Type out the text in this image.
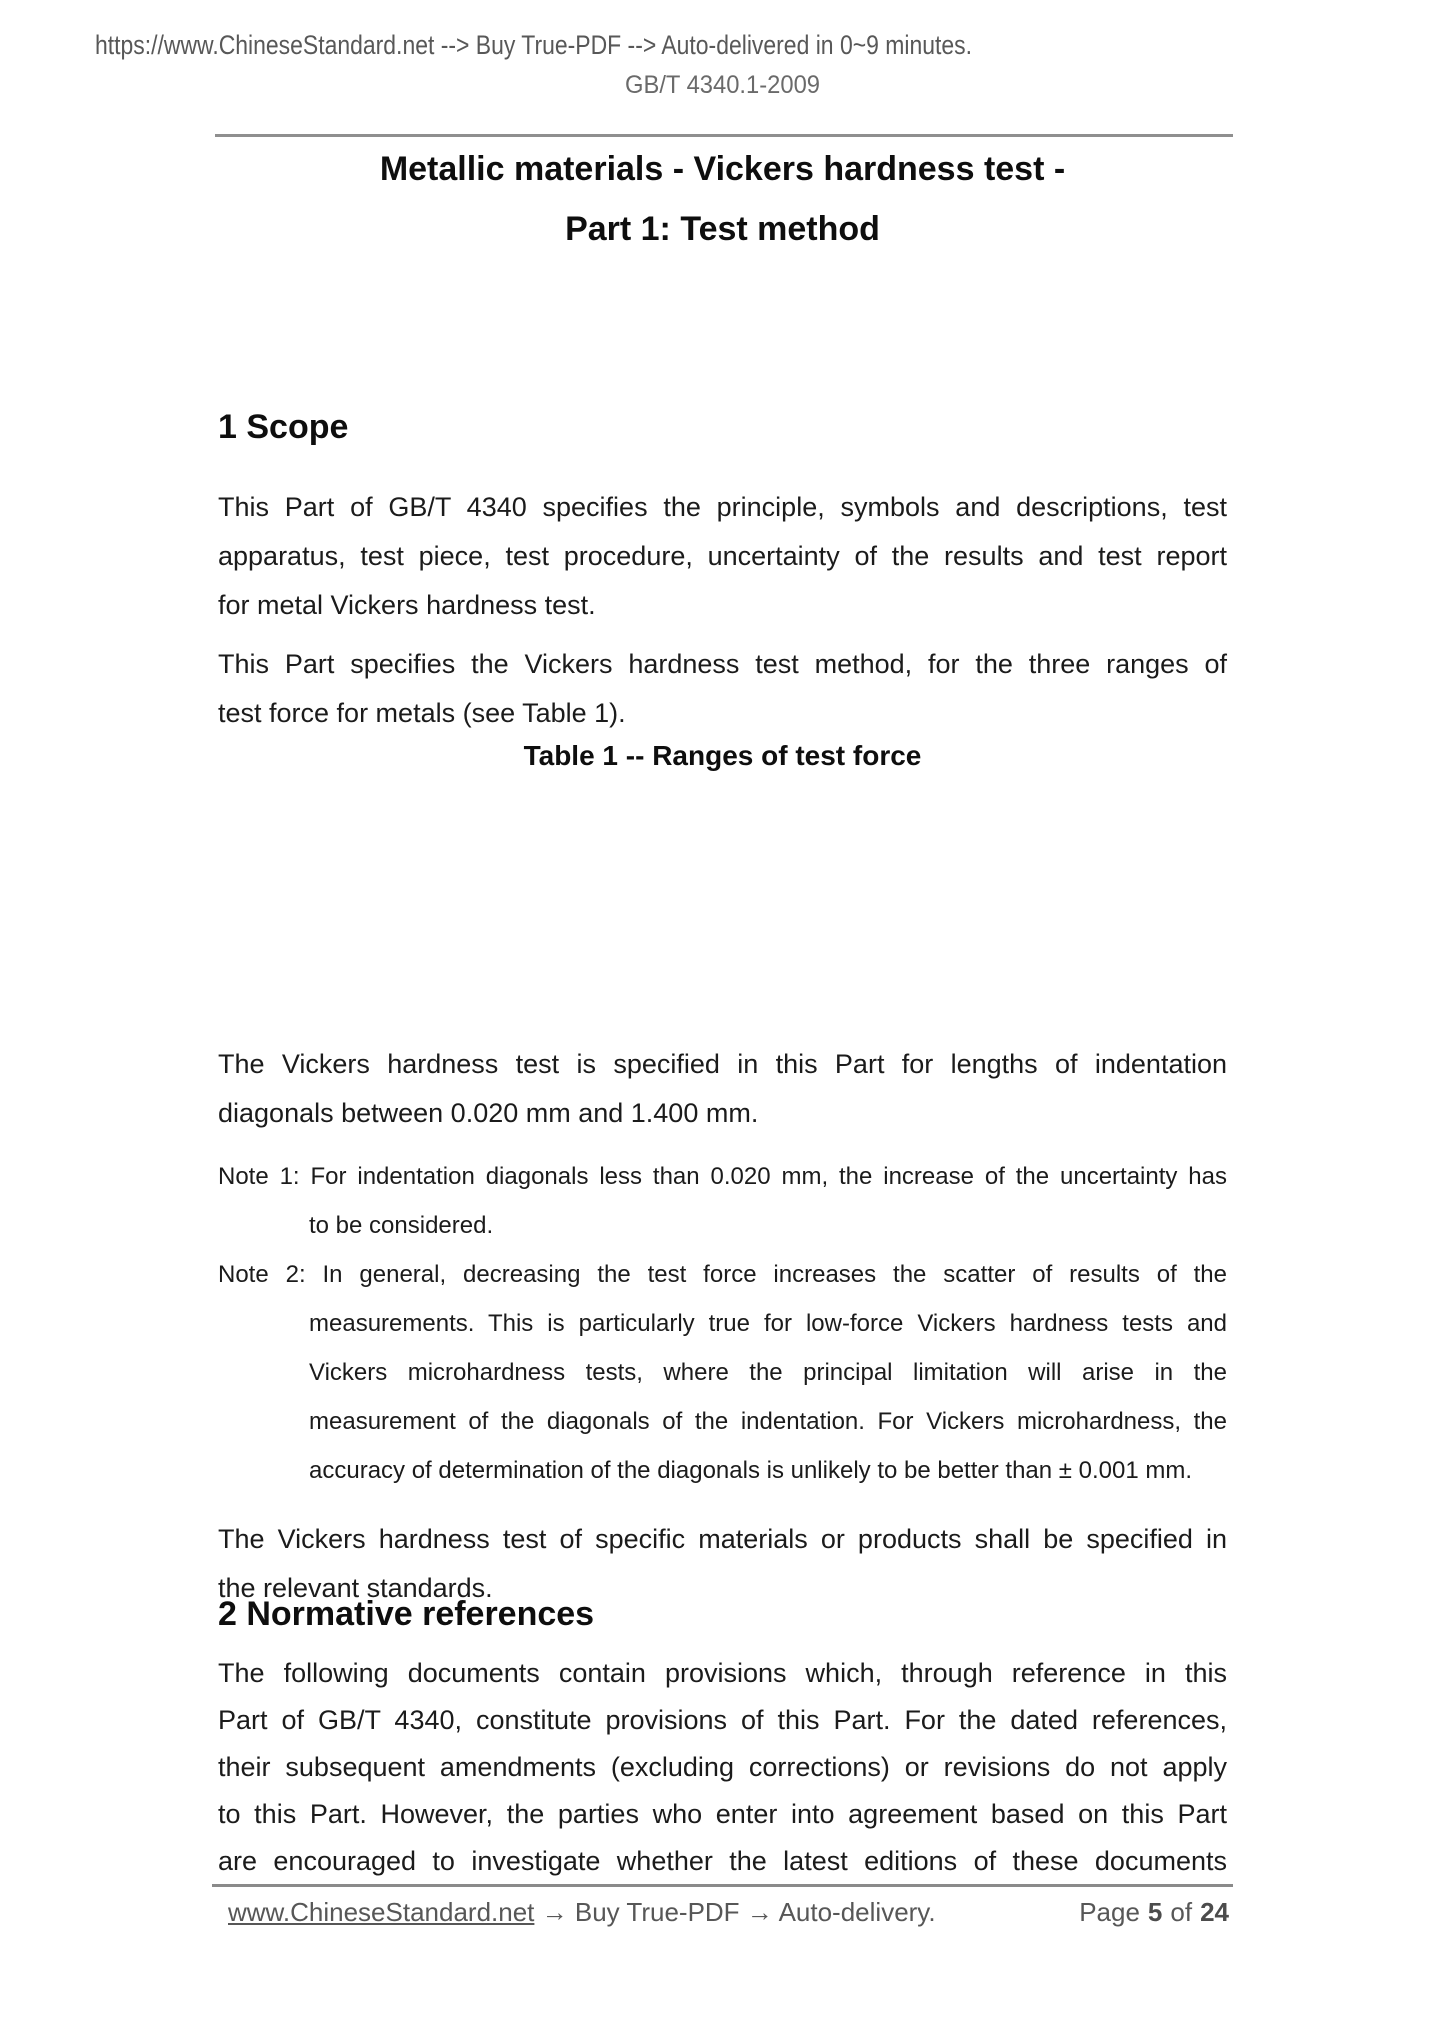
https://www.ChineseStandard.net --> Buy True-PDF --> Auto-delivered in 0~9 minutes.
GB/T 4340.1-2009
Metallic materials - Vickers hardness test -
Part 1: Test method
1 Scope
This Part of GB/T 4340 specifies the principle, symbols and descriptions, test
apparatus, test piece, test procedure, uncertainty of the results and test report
for metal Vickers hardness test.
This Part specifies the Vickers hardness test method, for the three ranges of
test force for metals (see Table 1).
Table 1 -- Ranges of test force
The Vickers hardness test is specified in this Part for lengths of indentation
diagonals between 0.020 mm and 1.400 mm.
Note 1: For indentation diagonals less than 0.020 mm, the increase of the uncertainty has
to be considered.
Note 2: In general, decreasing the test force increases the scatter of results of the
measurements. This is particularly true for low-force Vickers hardness tests and
Vickers microhardness tests, where the principal limitation will arise in the
measurement of the diagonals of the indentation. For Vickers microhardness, the
accuracy of determination of the diagonals is unlikely to be better than ± 0.001 mm.
The Vickers hardness test of specific materials or products shall be specified in
the relevant standards.
2 Normative references
The following documents contain provisions which, through reference in this
Part of GB/T 4340, constitute provisions of this Part. For the dated references,
their subsequent amendments (excluding corrections) or revisions do not apply
to this Part. However, the parties who enter into agreement based on this Part
are encouraged to investigate whether the latest editions of these documents
www.ChineseStandard.net → Buy True-PDF → Auto-delivery.	Page 5 of 24
